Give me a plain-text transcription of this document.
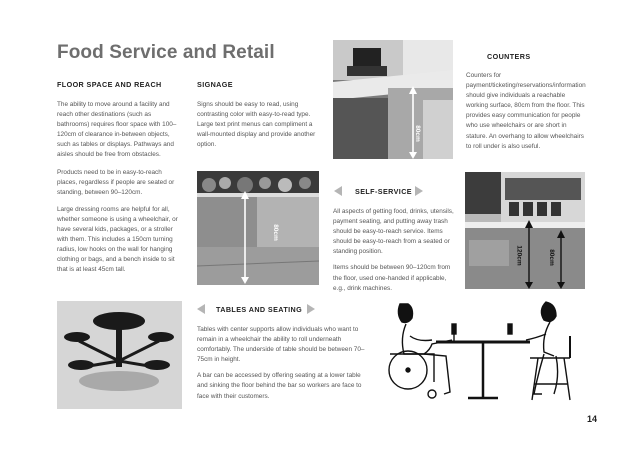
Food Service and Retail
FLOOR SPACE AND REACH

The ability to move around a facility and reach other destinations (such as bathrooms) requires floor space with 100–120cm of clearance in-between objects, such as tables or displays. Pathways and aisles should be free from obstacles.

Products need to be in easy-to-reach places, regardless if people are seated or standing, between 90–120cm.

Large dressing rooms are helpful for all, whether someone is using a wheelchair, or have several kids, packages, or a stroller with them. This includes a 150cm turning radius, low hooks on the wall for hanging clothing or bags, and a bench inside to sit that is at least 45cm tall.

SIGNAGE

Signs should be easy to read, using contrasting color with easy-to-read type. Large text print menus can compliment a wall-mounted display and provide another option.

80cm
COUNTERS

Counters for payment/ticketing/reservations/information should give individuals a reachable working surface, 80cm from the floor. This provides easy communication for people who use wheelchairs or are short in stature. An overhang to allow wheelchairs to roll under is also useful.

80cm
SELF-SERVICE

All aspects of getting food, drinks, utensils, payment seating, and putting away trash should be easy-to-reach service. Items should be easy-to-reach from a seated or standing position.

Items should be between 90–120cm from the floor, used one-handed if applicable, e.g., drink machines.

120cm	80cm
TABLES AND SEATING

Tables with center supports allow individuals who want to remain in a wheelchair the ability to roll underneath comfortably. The underside of table should be between 70–75cm in height.

A bar can be accessed by offering seating at a lower table and sinking the floor behind the bar so workers are face to face with their customers.

14
